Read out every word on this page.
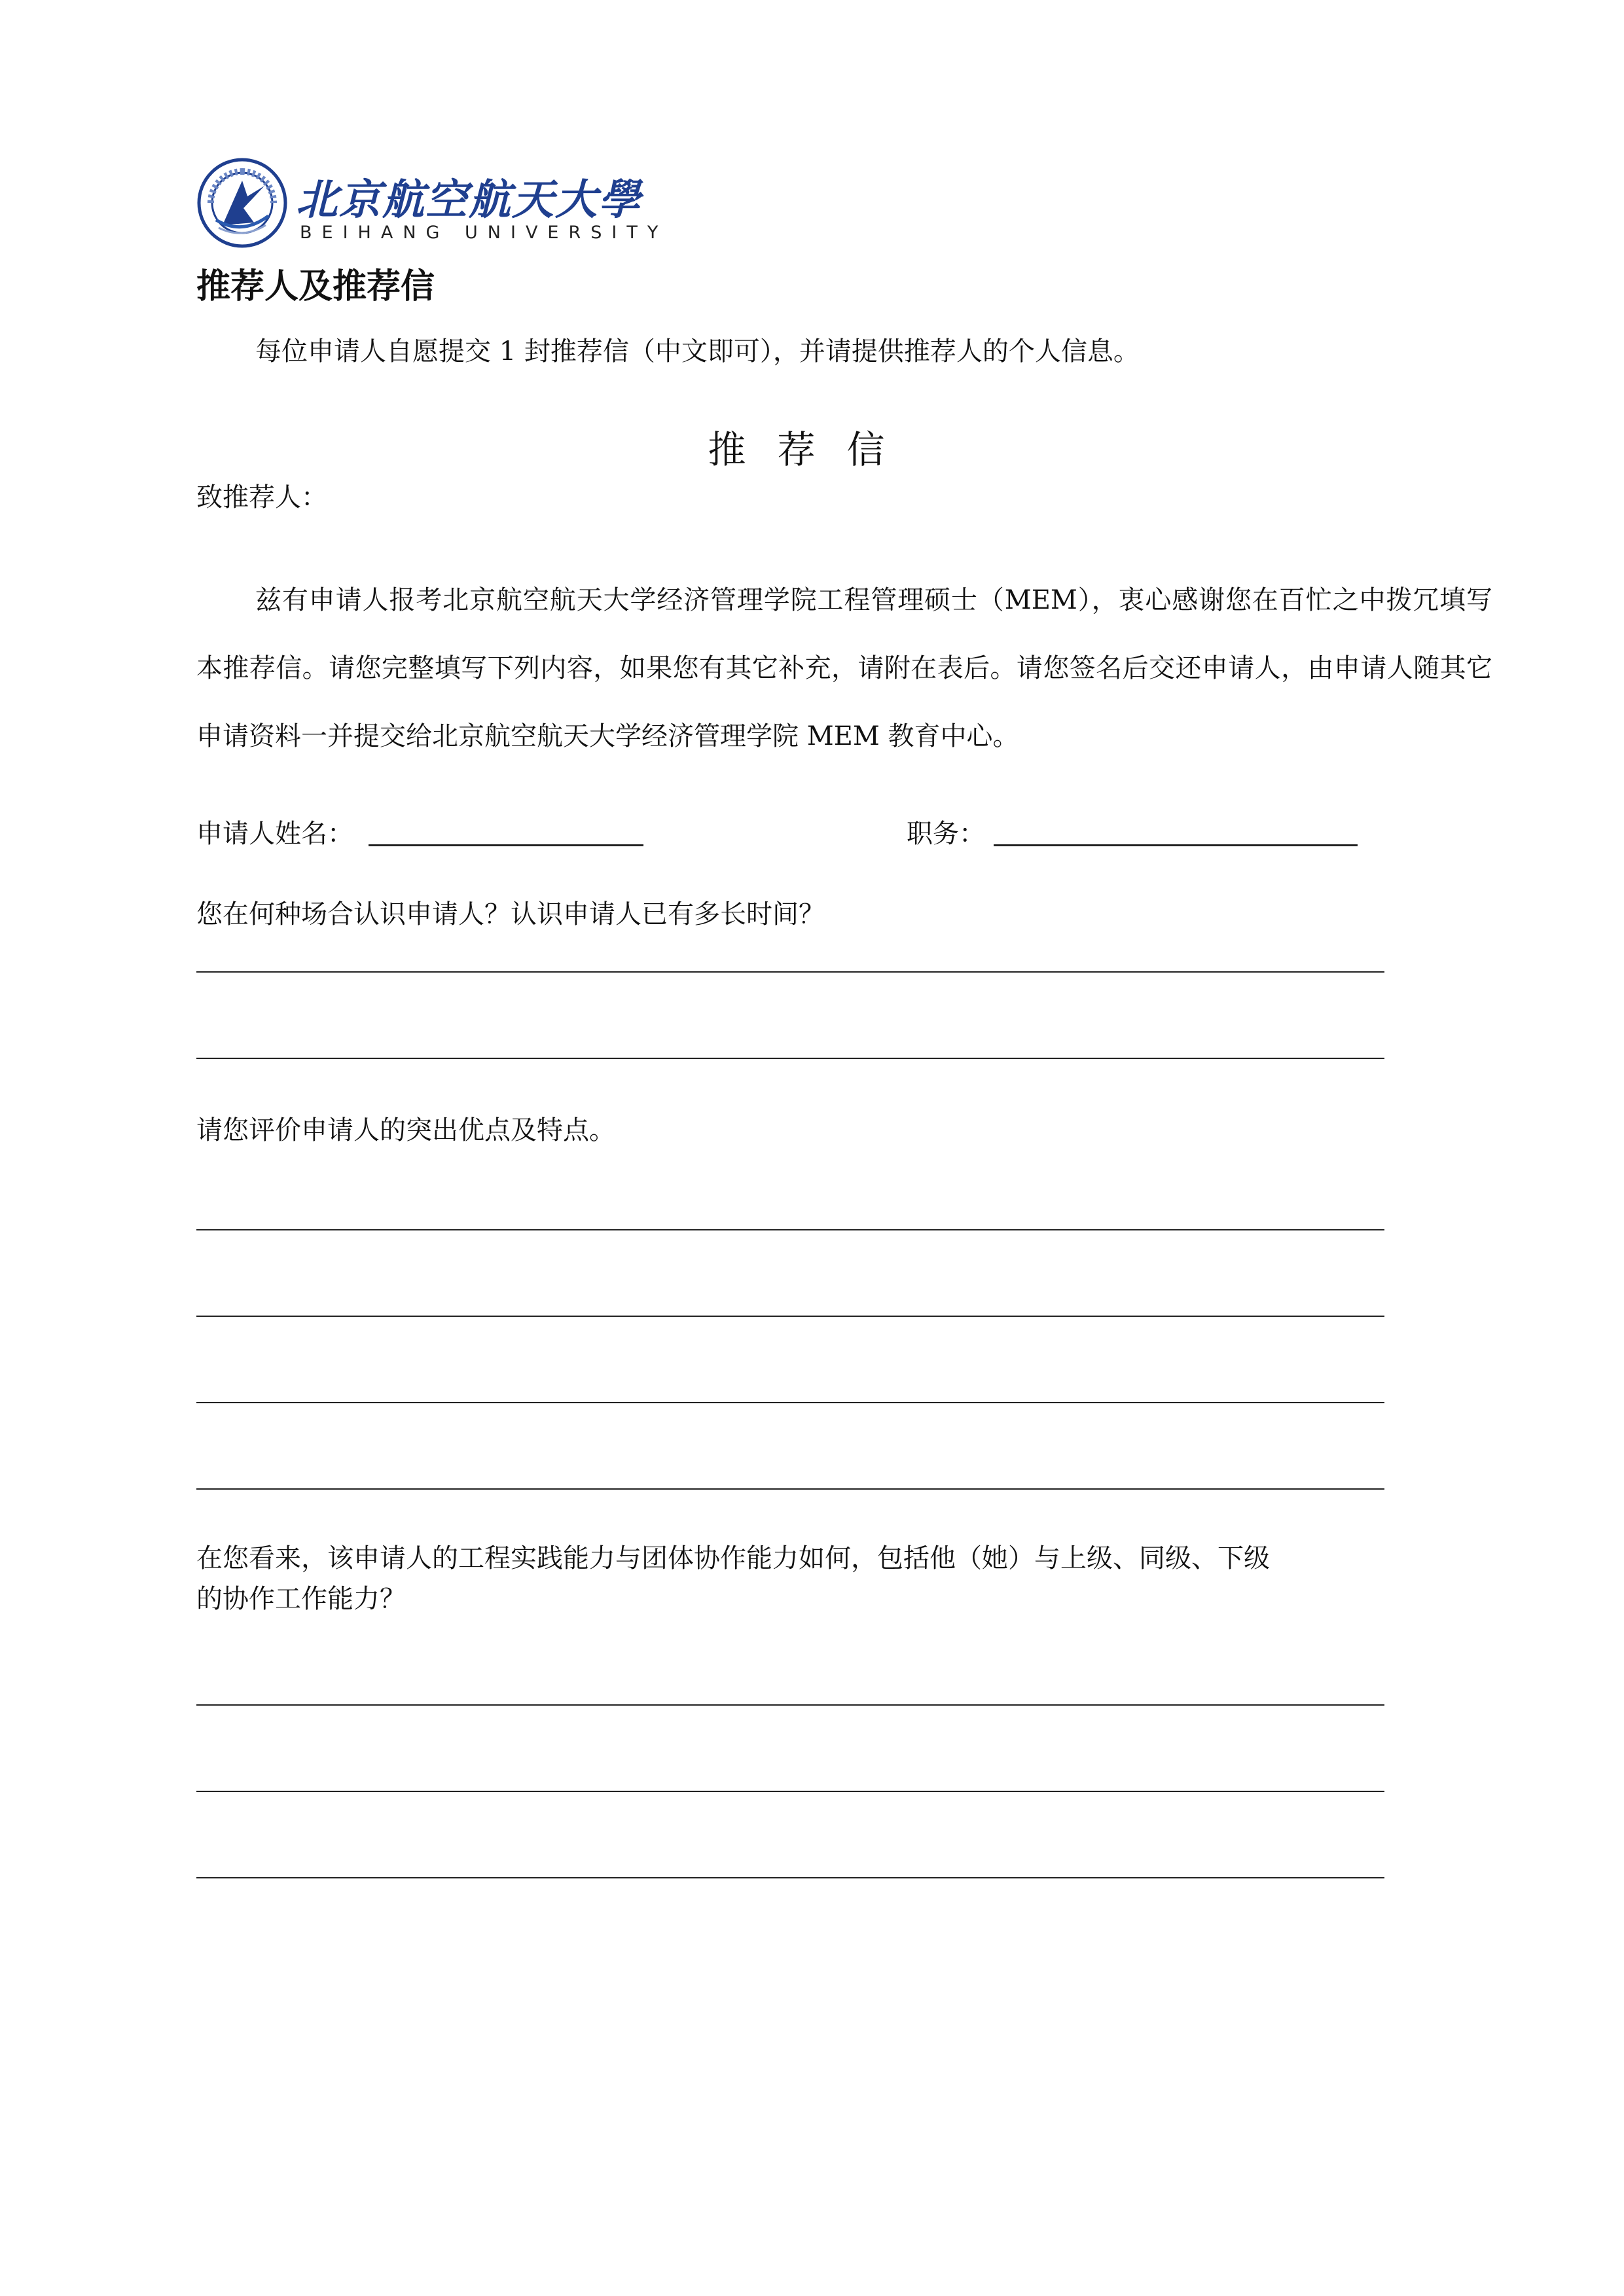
北京航空航天大學
BEIHANG UNIVERSITY
推荐人及推荐信
每位申请人自愿提交 1 封推荐信（中文即可），并请提供推荐人的个人信息。
推荐信
致推荐人：
兹有申请人报考北京航空航天大学经济管理学院工程管理硕士（MEM），衷心感谢您在百忙之中拨冗填写本推荐信。请您完整填写下列内容，如果您有其它补充，请附在表后。请您签名后交还申请人，由申请人随其它申请资料一并提交给北京航空航天大学经济管理学院 MEM 教育中心。
申请人姓名：	职务：
您在何种场合认识申请人？认识申请人已有多长时间？
请您评价申请人的突出优点及特点。
在您看来，该申请人的工程实践能力与团体协作能力如何，包括他（她）与上级、同级、下级
的协作工作能力？
